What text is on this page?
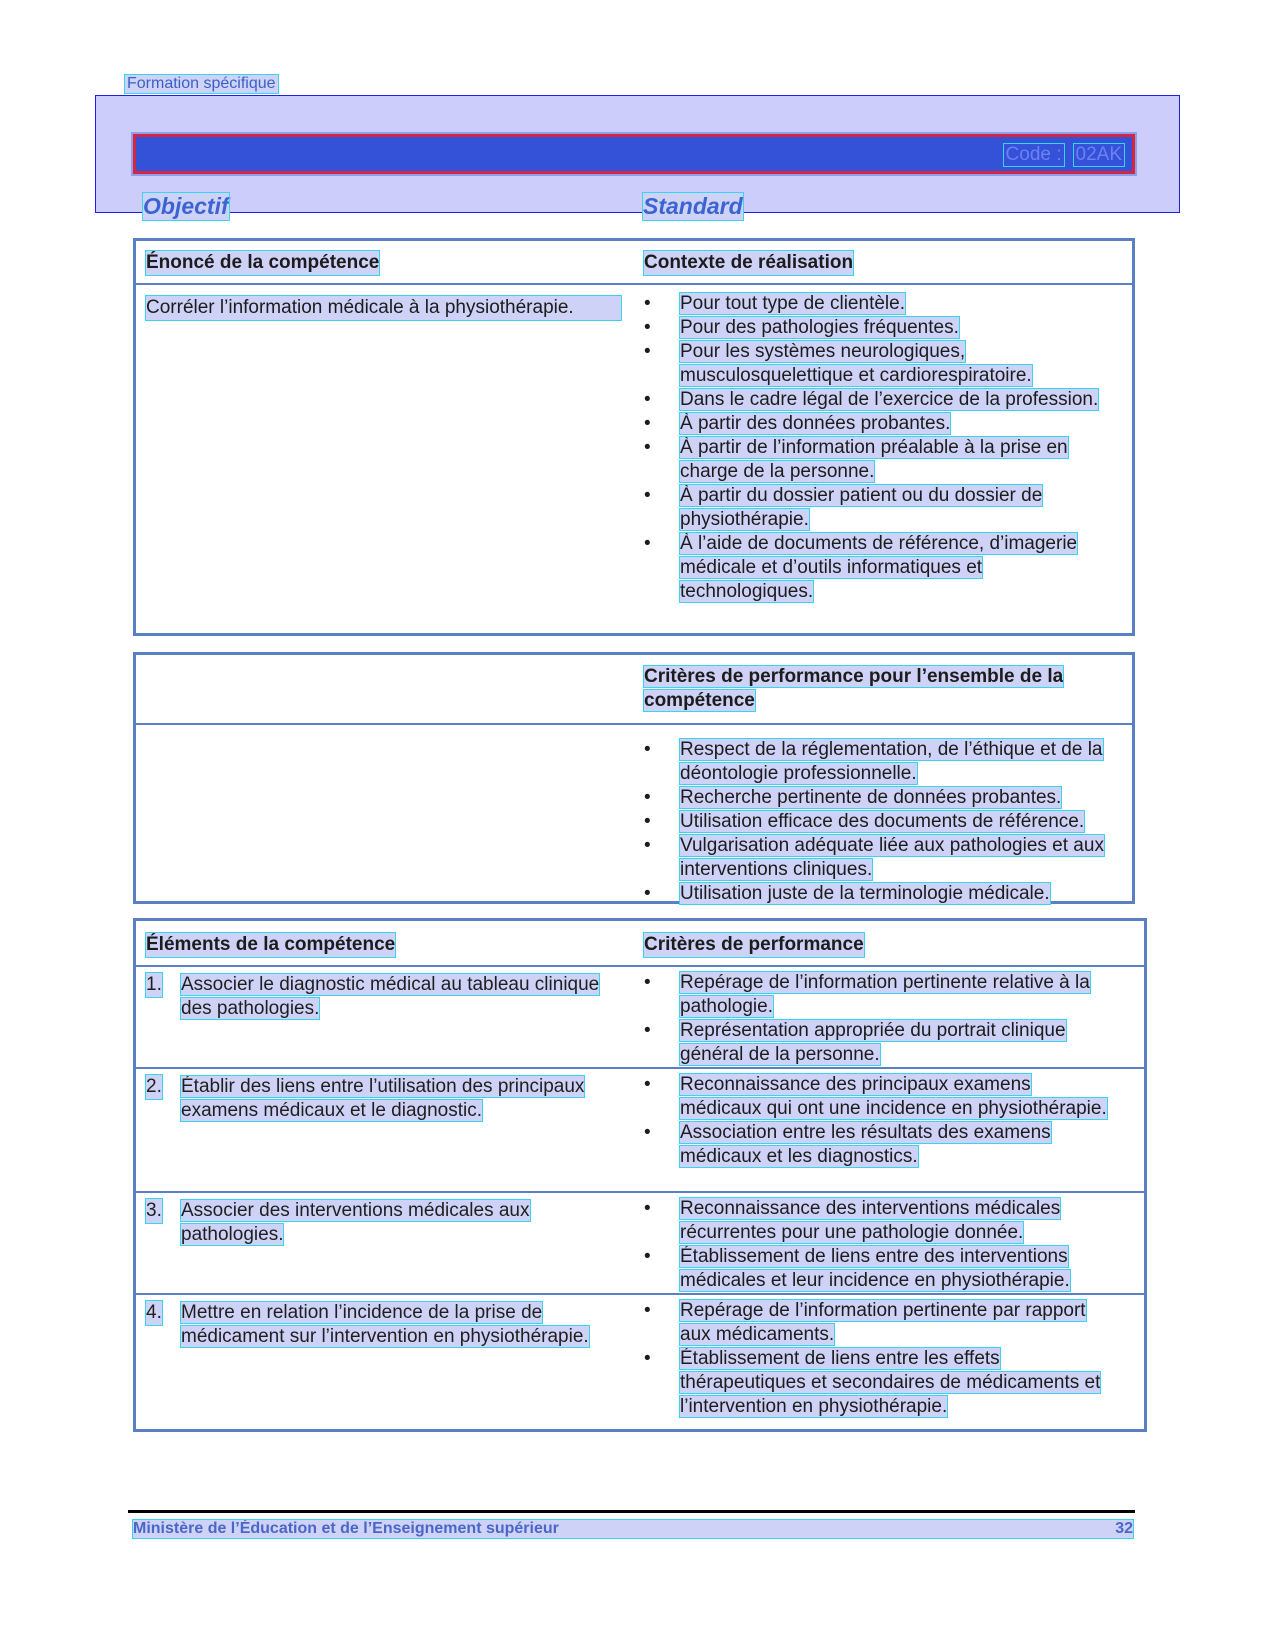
Formation spécifique
Code : 02AK
Objectif	Standard
Énoncé de la compétence	Contexte de réalisation
Corréler l’information médicale à la physiothérapie.
•	Pour tout type de clientèle.
• Pour des pathologies fréquentes.
• Pour les systèmes neurologiques, musculosquelettique et cardiorespiratoire.
• Dans le cadre légal de l’exercice de la profession.
• À partir des données probantes.
• À partir de l’information préalable à la prise en charge de la personne.
• À partir du dossier patient ou du dossier de physiothérapie.
• À l’aide de documents de référence, d’imagerie médicale et d’outils informatiques et technologiques.
Critères de performance pour l’ensemble de la compétence
• Respect de la réglementation, de l’éthique et de la déontologie professionnelle.
• Recherche pertinente de données probantes.
• Utilisation efficace des documents de référence.
• Vulgarisation adéquate liée aux pathologies et aux interventions cliniques.
• Utilisation juste de la terminologie médicale.
Éléments de la compétence	Critères de performance
1. Associer le diagnostic médical au tableau clinique des pathologies.
• Repérage de l’information pertinente relative à la pathologie.
• Représentation appropriée du portrait clinique général de la personne.
2. Établir des liens entre l’utilisation des principaux examens médicaux et le diagnostic.
• Reconnaissance des principaux examens médicaux qui ont une incidence en physiothérapie.
• Association entre les résultats des examens médicaux et les diagnostics.
3. Associer des interventions médicales aux pathologies.
• Reconnaissance des interventions médicales récurrentes pour une pathologie donnée.
• Établissement de liens entre des interventions médicales et leur incidence en physiothérapie.
4. Mettre en relation l’incidence de la prise de médicament sur l’intervention en physiothérapie.
• Repérage de l’information pertinente par rapport aux médicaments.
• Établissement de liens entre les effets thérapeutiques et secondaires de médicaments et l’intervention en physiothérapie.
Ministère de l’Éducation et de l’Enseignement supérieur	32
